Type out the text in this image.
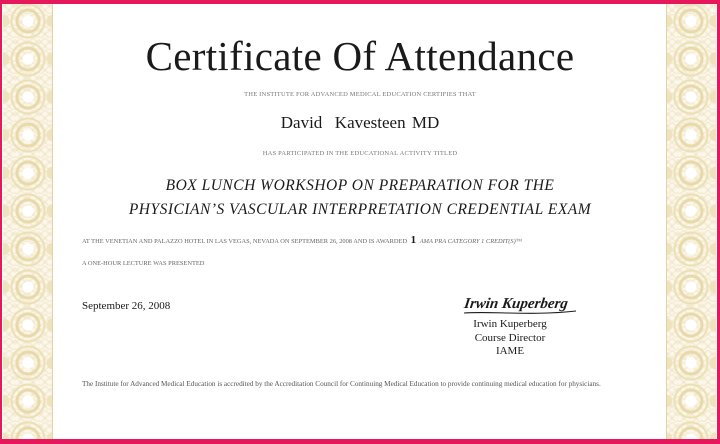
Certificate Of Attendance
THE INSTITUTE FOR ADVANCED MEDICAL EDUCATION CERTIFIES THAT
David  Kavesteen MD
HAS PARTICIPATED IN THE EDUCATIONAL ACTIVITY TITLED
BOX LUNCH WORKSHOP ON PREPARATION FOR THE
PHYSICIAN’S VASCULAR INTERPRETATION CREDENTIAL EXAM
AT THE VENETIAN AND PALAZZO HOTEL IN LAS VEGAS, NEVADA ON SEPTEMBER 26, 2008 AND IS AWARDED 1 AMA PRA CATEGORY 1 CREDIT(S)™
A ONE-HOUR LECTURE WAS PRESENTED
September 26, 2008	Irwin Kuperberg
Irwin Kuperberg
Course Director
IAME
The Institute for Advanced Medical Education is accredited by the Accreditation Council for Continuing Medical Education to provide continuing medical education for physicians.
